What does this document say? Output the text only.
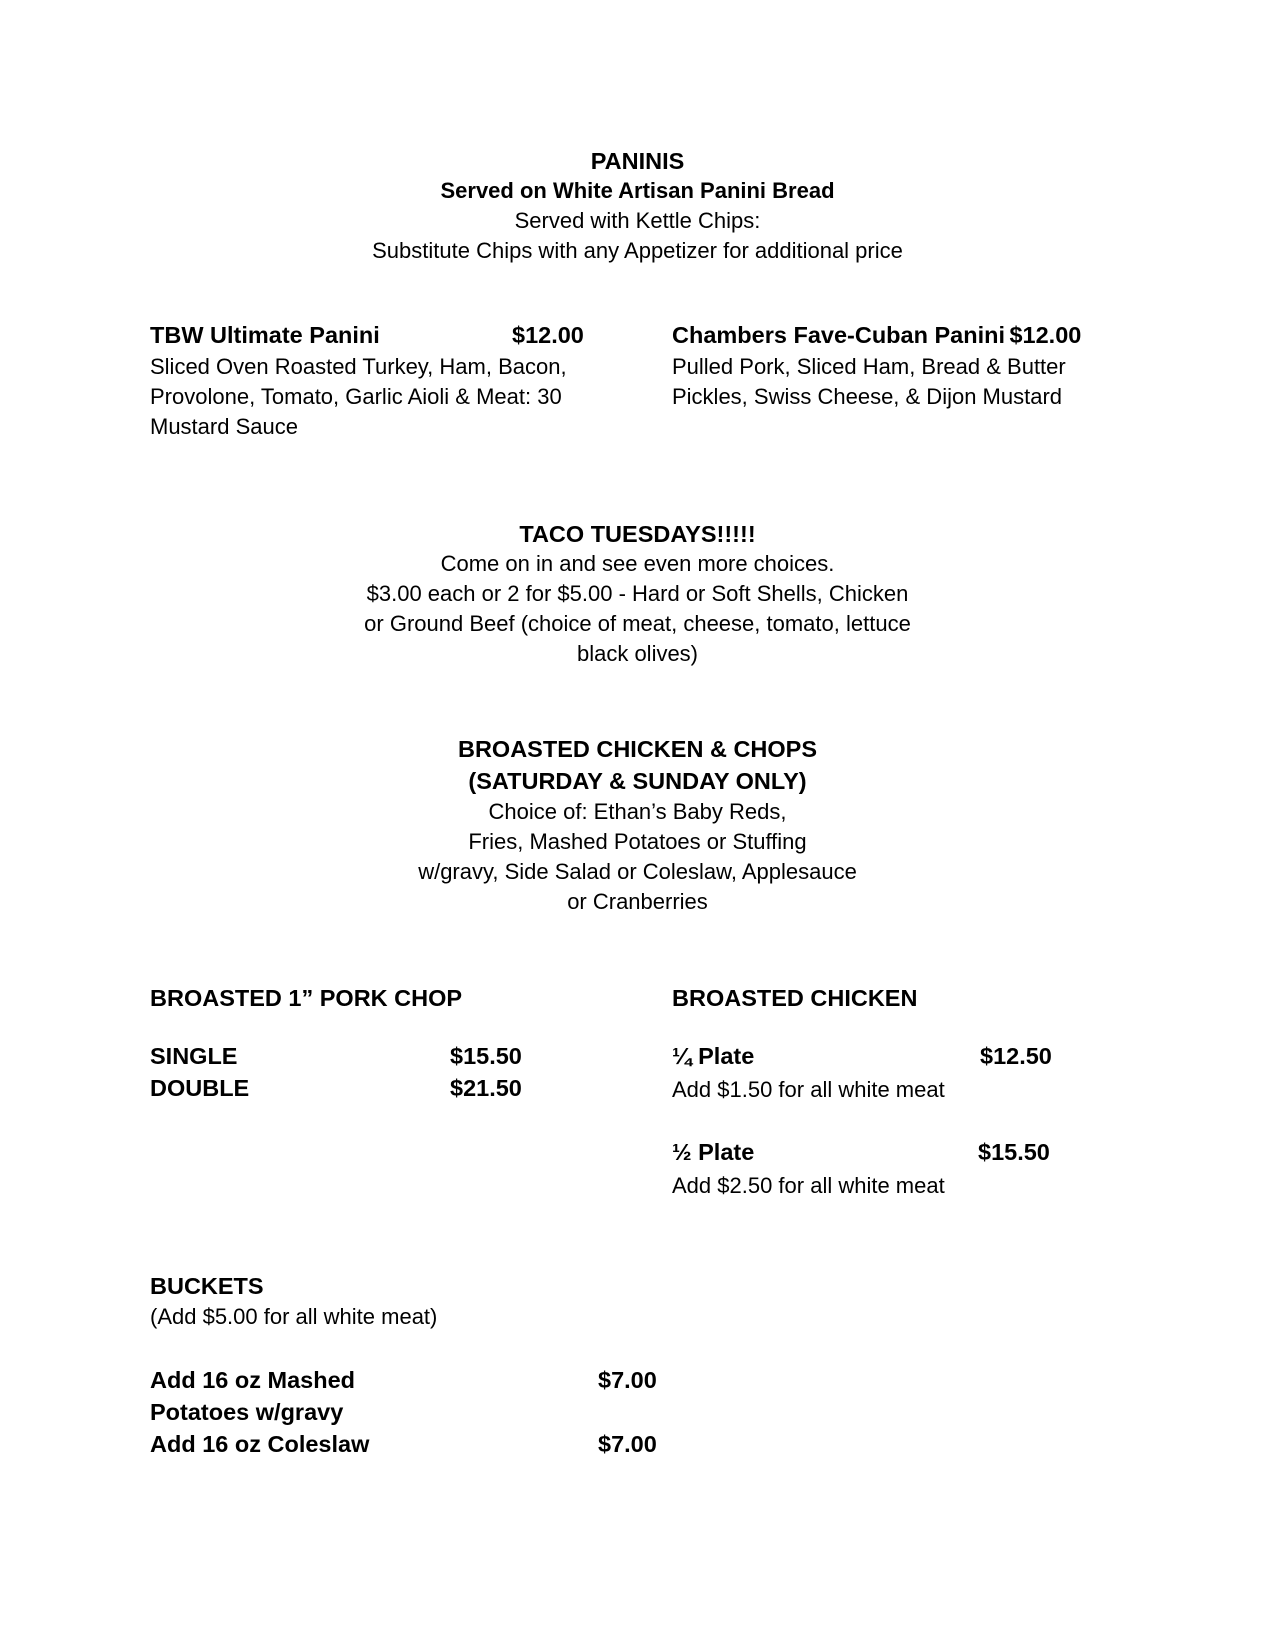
PANINIS
Served on White Artisan Panini Bread
Served with Kettle Chips:
Substitute Chips with any Appetizer for additional price
TBW Ultimate Panini	$12.00
Sliced Oven Roasted Turkey, Ham, Bacon, Provolone, Tomato, Garlic Aioli & Meat: 30 Mustard Sauce
Chambers Fave-Cuban Panini $12.00
Pulled Pork, Sliced Ham, Bread & Butter Pickles, Swiss Cheese, & Dijon Mustard
TACO TUESDAYS!!!!!
Come on in and see even more choices.
$3.00 each or 2 for $5.00 - Hard or Soft Shells, Chicken
or Ground Beef (choice of meat, cheese, tomato, lettuce
black olives)
BROASTED CHICKEN & CHOPS
(SATURDAY & SUNDAY ONLY)
Choice of: Ethan’s Baby Reds,
Fries, Mashed Potatoes or Stuffing
w/gravy, Side Salad or Coleslaw, Applesauce
or Cranberries
BROASTED 1” PORK CHOP
SINGLE	$15.50
DOUBLE	$21.50
BROASTED CHICKEN
¼ Plate	$12.50
Add $1.50 for all white meat
½ Plate	$15.50
Add $2.50 for all white meat
BUCKETS
(Add $5.00 for all white meat)
Add 16 oz Mashed
Potatoes w/gravy
$7.00
Add 16 oz Coleslaw	$7.00
